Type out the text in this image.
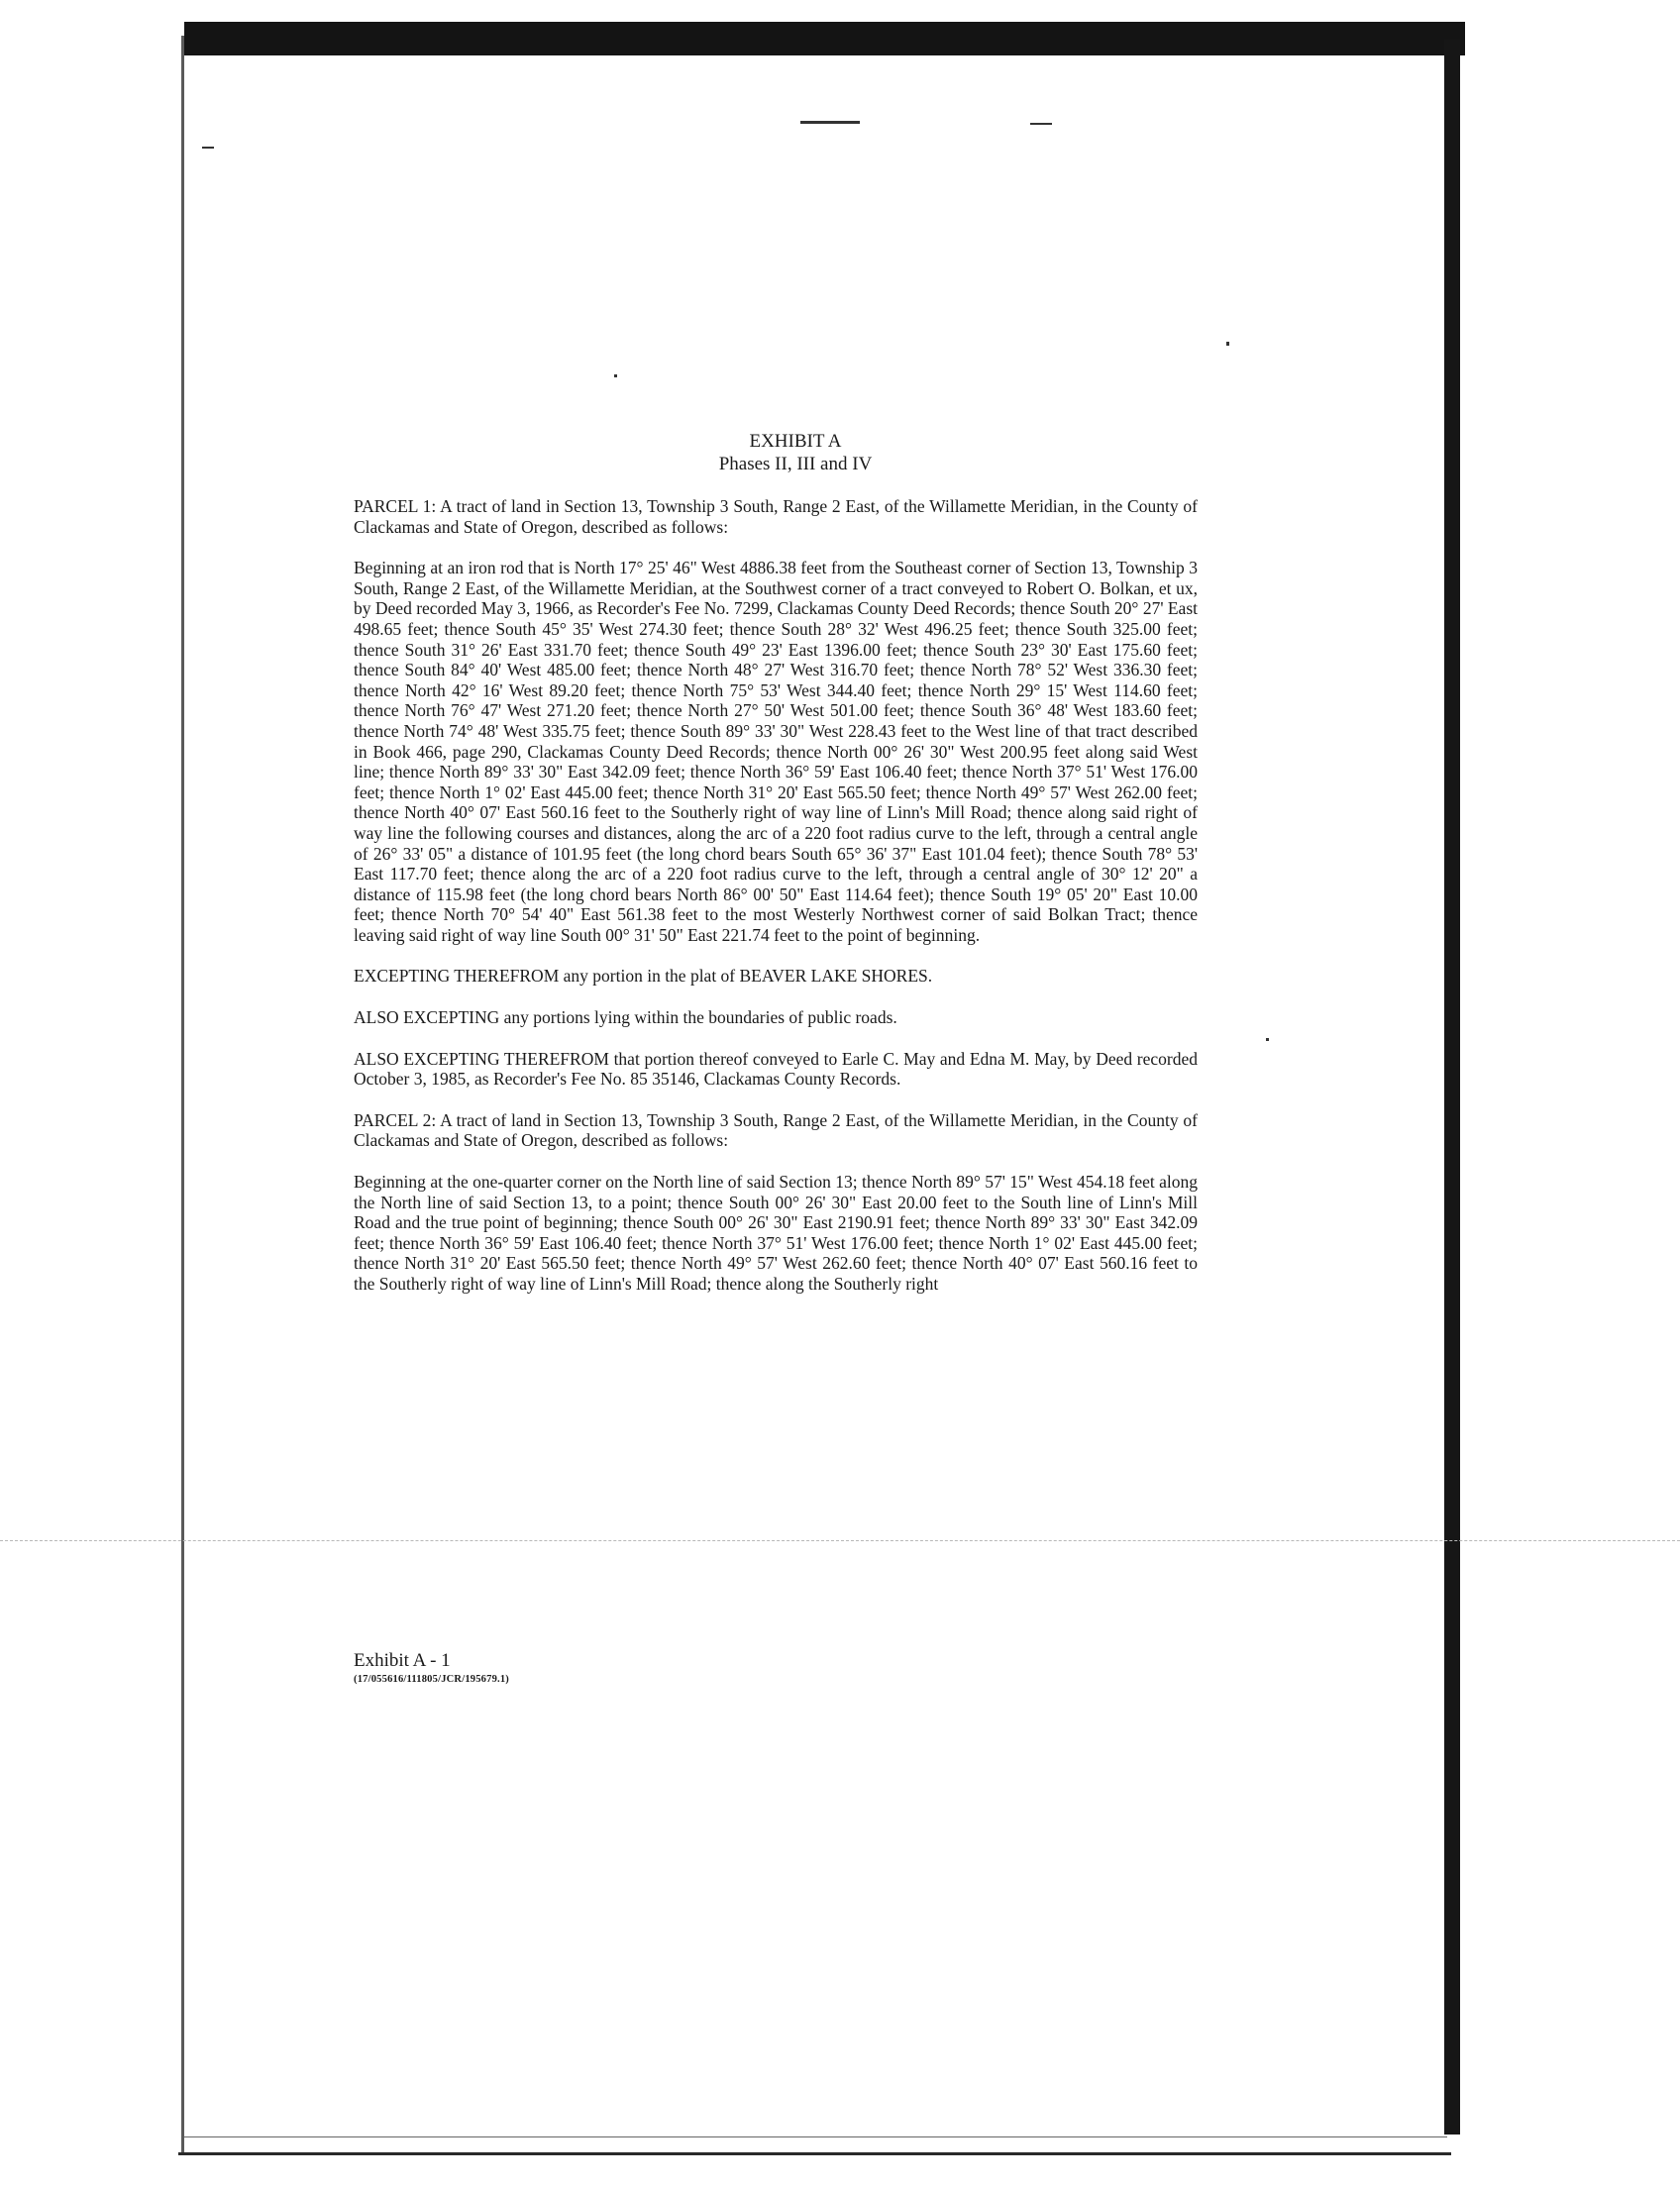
EXHIBIT A
Phases II, III and IV

PARCEL 1: A tract of land in Section 13, Township 3 South, Range 2 East, of the Willamette Meridian, in the County of Clackamas and State of Oregon, described as follows:

Beginning at an iron rod that is North 17° 25' 46" West 4886.38 feet from the Southeast corner of Section 13, Township 3 South, Range 2 East, of the Willamette Meridian, at the Southwest corner of a tract conveyed to Robert O. Bolkan, et ux, by Deed recorded May 3, 1966, as Recorder's Fee No. 7299, Clackamas County Deed Records; thence South 20° 27' East 498.65 feet; thence South 45° 35' West 274.30 feet; thence South 28° 32' West 496.25 feet; thence South 325.00 feet; thence South 31° 26' East 331.70 feet; thence South 49° 23' East 1396.00 feet; thence South 23° 30' East 175.60 feet; thence South 84° 40' West 485.00 feet; thence North 48° 27' West 316.70 feet; thence North 78° 52' West 336.30 feet; thence North 42° 16' West 89.20 feet; thence North 75° 53' West 344.40 feet; thence North 29° 15' West 114.60 feet; thence North 76° 47' West 271.20 feet; thence North 27° 50' West 501.00 feet; thence South 36° 48' West 183.60 feet; thence North 74° 48' West 335.75 feet; thence South 89° 33' 30" West 228.43 feet to the West line of that tract described in Book 466, page 290, Clackamas County Deed Records; thence North 00° 26' 30" West 200.95 feet along said West line; thence North 89° 33' 30" East 342.09 feet; thence North 36° 59' East 106.40 feet; thence North 37° 51' West 176.00 feet; thence North 1° 02' East 445.00 feet; thence North 31° 20' East 565.50 feet; thence North 49° 57' West 262.00 feet; thence North 40° 07' East 560.16 feet to the Southerly right of way line of Linn's Mill Road; thence along said right of way line the following courses and distances, along the arc of a 220 foot radius curve to the left, through a central angle of 26° 33' 05" a distance of 101.95 feet (the long chord bears South 65° 36' 37" East 101.04 feet); thence South 78° 53' East 117.70 feet; thence along the arc of a 220 foot radius curve to the left, through a central angle of 30° 12' 20" a distance of 115.98 feet (the long chord bears North 86° 00' 50" East 114.64 feet); thence South 19° 05' 20" East 10.00 feet; thence North 70° 54' 40" East 561.38 feet to the most Westerly Northwest corner of said Bolkan Tract; thence leaving said right of way line South 00° 31' 50" East 221.74 feet to the point of beginning.

EXCEPTING THEREFROM any portion in the plat of BEAVER LAKE SHORES.

ALSO EXCEPTING any portions lying within the boundaries of public roads.

ALSO EXCEPTING THEREFROM that portion thereof conveyed to Earle C. May and Edna M. May, by Deed recorded October 3, 1985, as Recorder's Fee No. 85 35146, Clackamas County Records.

PARCEL 2: A tract of land in Section 13, Township 3 South, Range 2 East, of the Willamette Meridian, in the County of Clackamas and State of Oregon, described as follows:

Beginning at the one-quarter corner on the North line of said Section 13; thence North 89° 57' 15" West 454.18 feet along the North line of said Section 13, to a point; thence South 00° 26' 30" East 20.00 feet to the South line of Linn's Mill Road and the true point of beginning; thence South 00° 26' 30" East 2190.91 feet; thence North 89° 33' 30" East 342.09 feet; thence North 36° 59' East 106.40 feet; thence North 37° 51' West 176.00 feet; thence North 1° 02' East 445.00 feet; thence North 31° 20' East 565.50 feet; thence North 49° 57' West 262.60 feet; thence North 40° 07' East 560.16 feet to the Southerly right of way line of Linn's Mill Road; thence along the Southerly right

Exhibit A - 1
(17/055616/111805/JCR/195679.1)
